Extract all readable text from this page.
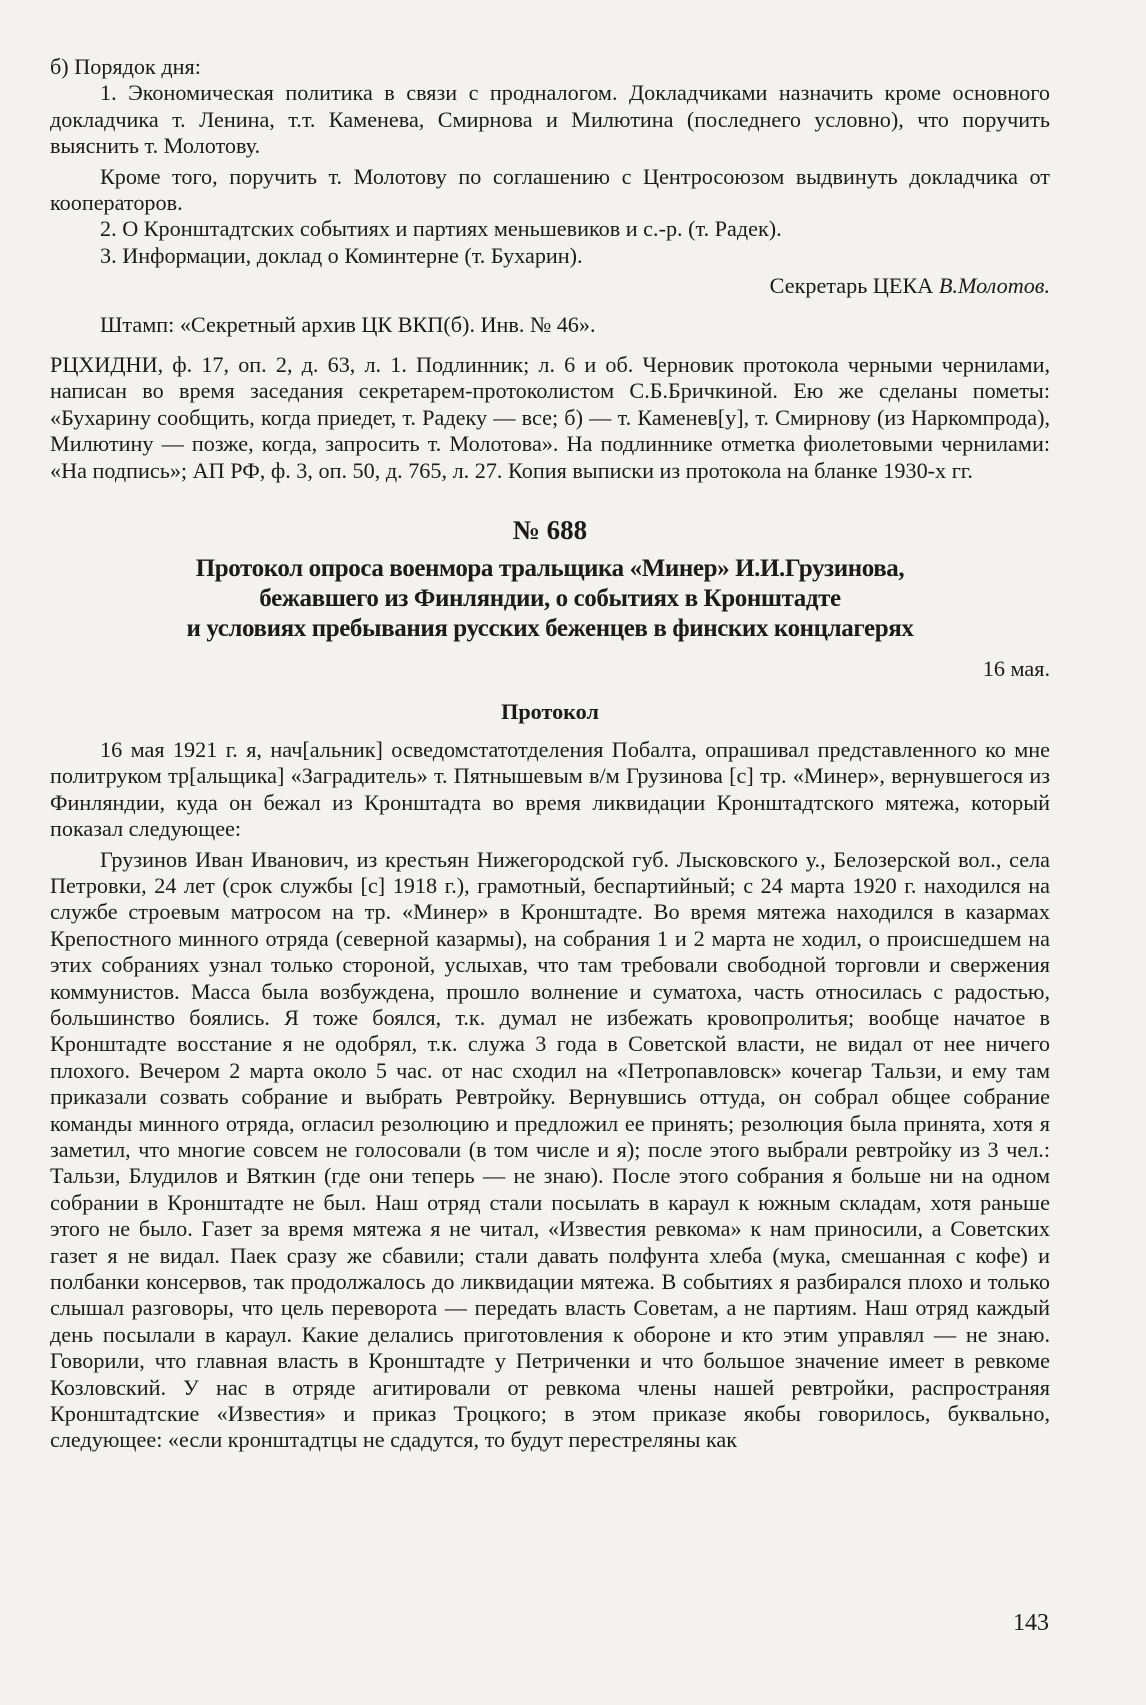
б) Порядок дня:

1. Экономическая политика в связи с продналогом. Докладчиками назначить кроме основного докладчика т. Ленина, т.т. Каменева, Смирнова и Милютина (последнего условно), что поручить выяснить т. Молотову.

Кроме того, поручить т. Молотову по соглашению с Центросоюзом выдвинуть докладчика от кооператоров.

2. О Кронштадтских событиях и партиях меньшевиков и с.-р. (т. Радек).

3. Информации, доклад о Коминтерне (т. Бухарин).

Секретарь ЦЕКА В.Молотов.

Штамп: «Секретный архив ЦК ВКП(б). Инв. № 46».

РЦХИДНИ, ф. 17, оп. 2, д. 63, л. 1. Подлинник; л. 6 и об. Черновик протокола черными чернилами, написан во время заседания секретарем-протоколистом С.Б.Бричкиной. Ею же сделаны пометы: «Бухарину сообщить, когда приедет, т. Радеку — все; б) — т. Каменев[у], т. Смирнову (из Наркомпрода), Милютину — позже, когда, запросить т. Молотова». На подлиннике отметка фиолетовыми чернилами: «На подпись»; АП РФ, ф. 3, оп. 50, д. 765, л. 27. Копия выписки из протокола на бланке 1930-х гг.

№ 688
Протокол опроса военмора тральщика «Минер» И.И.Грузинова,
бежавшего из Финляндии, о событиях в Кронштадте
и условиях пребывания русских беженцев в финских концлагерях

16 мая.

Протокол

16 мая 1921 г. я, нач[альник] осведомстатотделения Побалта, опрашивал представленного ко мне политруком тр[альщика] «Заградитель» т. Пятнышевым в/м Грузинова [с] тр. «Минер», вернувшегося из Финляндии, куда он бежал из Кронштадта во время ликвидации Кронштадтского мятежа, который показал следующее:

Грузинов Иван Иванович, из крестьян Нижегородской губ. Лысковского у., Белозерской вол., села Петровки, 24 лет (срок службы [с] 1918 г.), грамотный, беспартийный; с 24 марта 1920 г. находился на службе строевым матросом на тр. «Минер» в Кронштадте. Во время мятежа находился в казармах Крепостного минного отряда (северной казармы), на собрания 1 и 2 марта не ходил, о происшедшем на этих собраниях узнал только стороной, услыхав, что там требовали свободной торговли и свержения коммунистов. Масса была возбуждена, прошло волнение и суматоха, часть относилась с радостью, большинство боялись. Я тоже боялся, т.к. думал не избежать кровопролитья; вообще начатое в Кронштадте восстание я не одобрял, т.к. служа 3 года в Советской власти, не видал от нее ничего плохого. Вечером 2 марта около 5 час. от нас сходил на «Петропавловск» кочегар Тальзи, и ему там приказали созвать собрание и выбрать Ревтройку. Вернувшись оттуда, он собрал общее собрание команды минного отряда, огласил резолюцию и предложил ее принять; резолюция была принята, хотя я заметил, что многие совсем не голосовали (в том числе и я); после этого выбрали ревтройку из 3 чел.: Тальзи, Блудилов и Вяткин (где они теперь — не знаю). После этого собрания я больше ни на одном собрании в Кронштадте не был. Наш отряд стали посылать в караул к южным складам, хотя раньше этого не было. Газет за время мятежа я не читал, «Известия ревкома» к нам приносили, а Советских газет я не видал. Паек сразу же сбавили; стали давать полфунта хлеба (мука, смешанная с кофе) и полбанки консервов, так продолжалось до ликвидации мятежа. В событиях я разбирался плохо и только слышал разговоры, что цель переворота — передать власть Советам, а не партиям. Наш отряд каждый день посылали в караул. Какие делались приготовления к обороне и кто этим управлял — не знаю. Говорили, что главная власть в Кронштадте у Петриченки и что большое значение имеет в ревкоме Козловский. У нас в отряде агитировали от ревкома члены нашей ревтройки, распространяя Кронштадтские «Известия» и приказ Троцкого; в этом приказе якобы говорилось, буквально, следующее: «если кронштадтцы не сдадутся, то будут перестреляны как

143
